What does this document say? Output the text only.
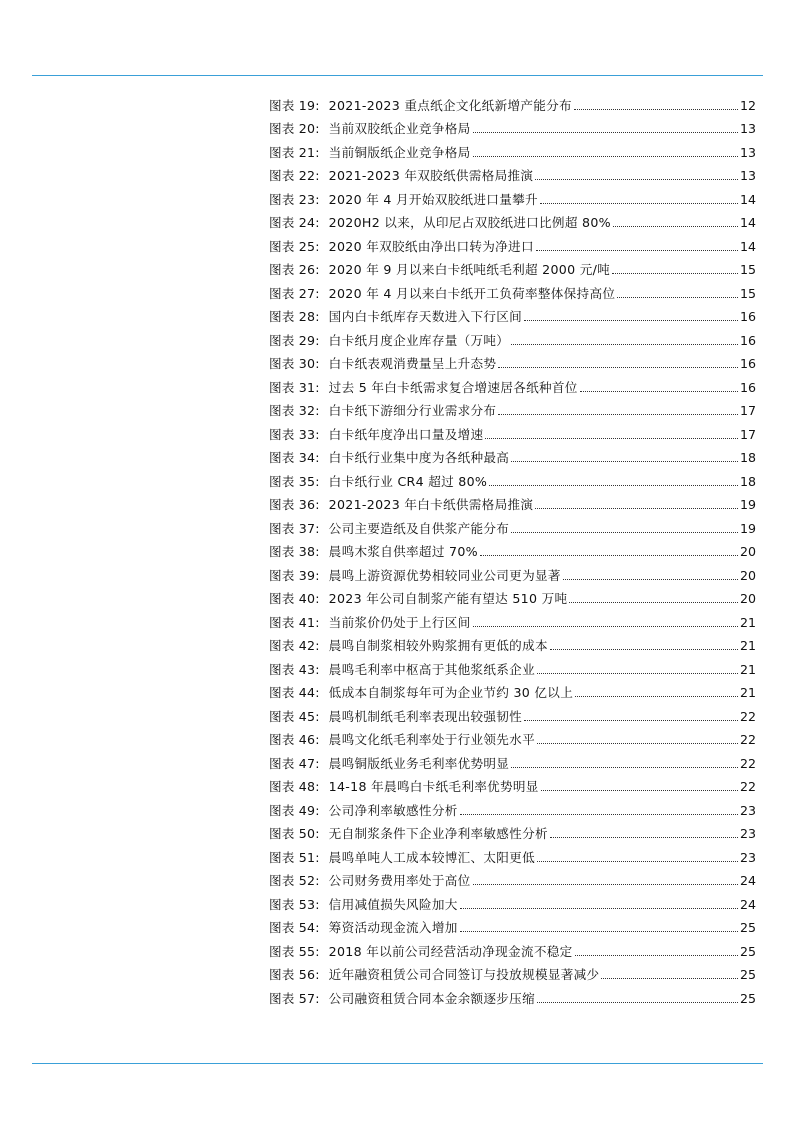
图表 19: 2021-2023 重点纸企文化纸新增产能分布	12
图表 20: 当前双胶纸企业竞争格局	13
图表 21: 当前铜版纸企业竞争格局	13
图表 22: 2021-2023 年双胶纸供需格局推演	13
图表 23: 2020 年 4 月开始双胶纸进口量攀升	14
图表 24: 2020H2 以来，从印尼占双胶纸进口比例超 80%	14
图表 25: 2020 年双胶纸由净出口转为净进口	14
图表 26: 2020 年 9 月以来白卡纸吨纸毛利超 2000 元/吨	15
图表 27: 2020 年 4 月以来白卡纸开工负荷率整体保持高位	15
图表 28: 国内白卡纸库存天数进入下行区间	16
图表 29: 白卡纸月度企业库存量（万吨）	16
图表 30: 白卡纸表观消费量呈上升态势	16
图表 31: 过去 5 年白卡纸需求复合增速居各纸种首位	16
图表 32: 白卡纸下游细分行业需求分布	17
图表 33: 白卡纸年度净出口量及增速	17
图表 34: 白卡纸行业集中度为各纸种最高	18
图表 35: 白卡纸行业 CR4 超过 80%	18
图表 36: 2021-2023 年白卡纸供需格局推演	19
图表 37: 公司主要造纸及自供浆产能分布	19
图表 38: 晨鸣木浆自供率超过 70%	20
图表 39: 晨鸣上游资源优势相较同业公司更为显著	20
图表 40: 2023 年公司自制浆产能有望达 510 万吨	20
图表 41: 当前浆价仍处于上行区间	21
图表 42: 晨鸣自制浆相较外购浆拥有更低的成本	21
图表 43: 晨鸣毛利率中枢高于其他浆纸系企业	21
图表 44: 低成本自制浆每年可为企业节约 30 亿以上	21
图表 45: 晨鸣机制纸毛利率表现出较强韧性	22
图表 46: 晨鸣文化纸毛利率处于行业领先水平	22
图表 47: 晨鸣铜版纸业务毛利率优势明显	22
图表 48: 14-18 年晨鸣白卡纸毛利率优势明显	22
图表 49: 公司净利率敏感性分析	23
图表 50: 无自制浆条件下企业净利率敏感性分析	23
图表 51: 晨鸣单吨人工成本较博汇、太阳更低	23
图表 52: 公司财务费用率处于高位	24
图表 53: 信用减值损失风险加大	24
图表 54: 筹资活动现金流入增加	25
图表 55: 2018 年以前公司经营活动净现金流不稳定	25
图表 56: 近年融资租赁公司合同签订与投放规模显著减少	25
图表 57: 公司融资租赁合同本金余额逐步压缩	25
